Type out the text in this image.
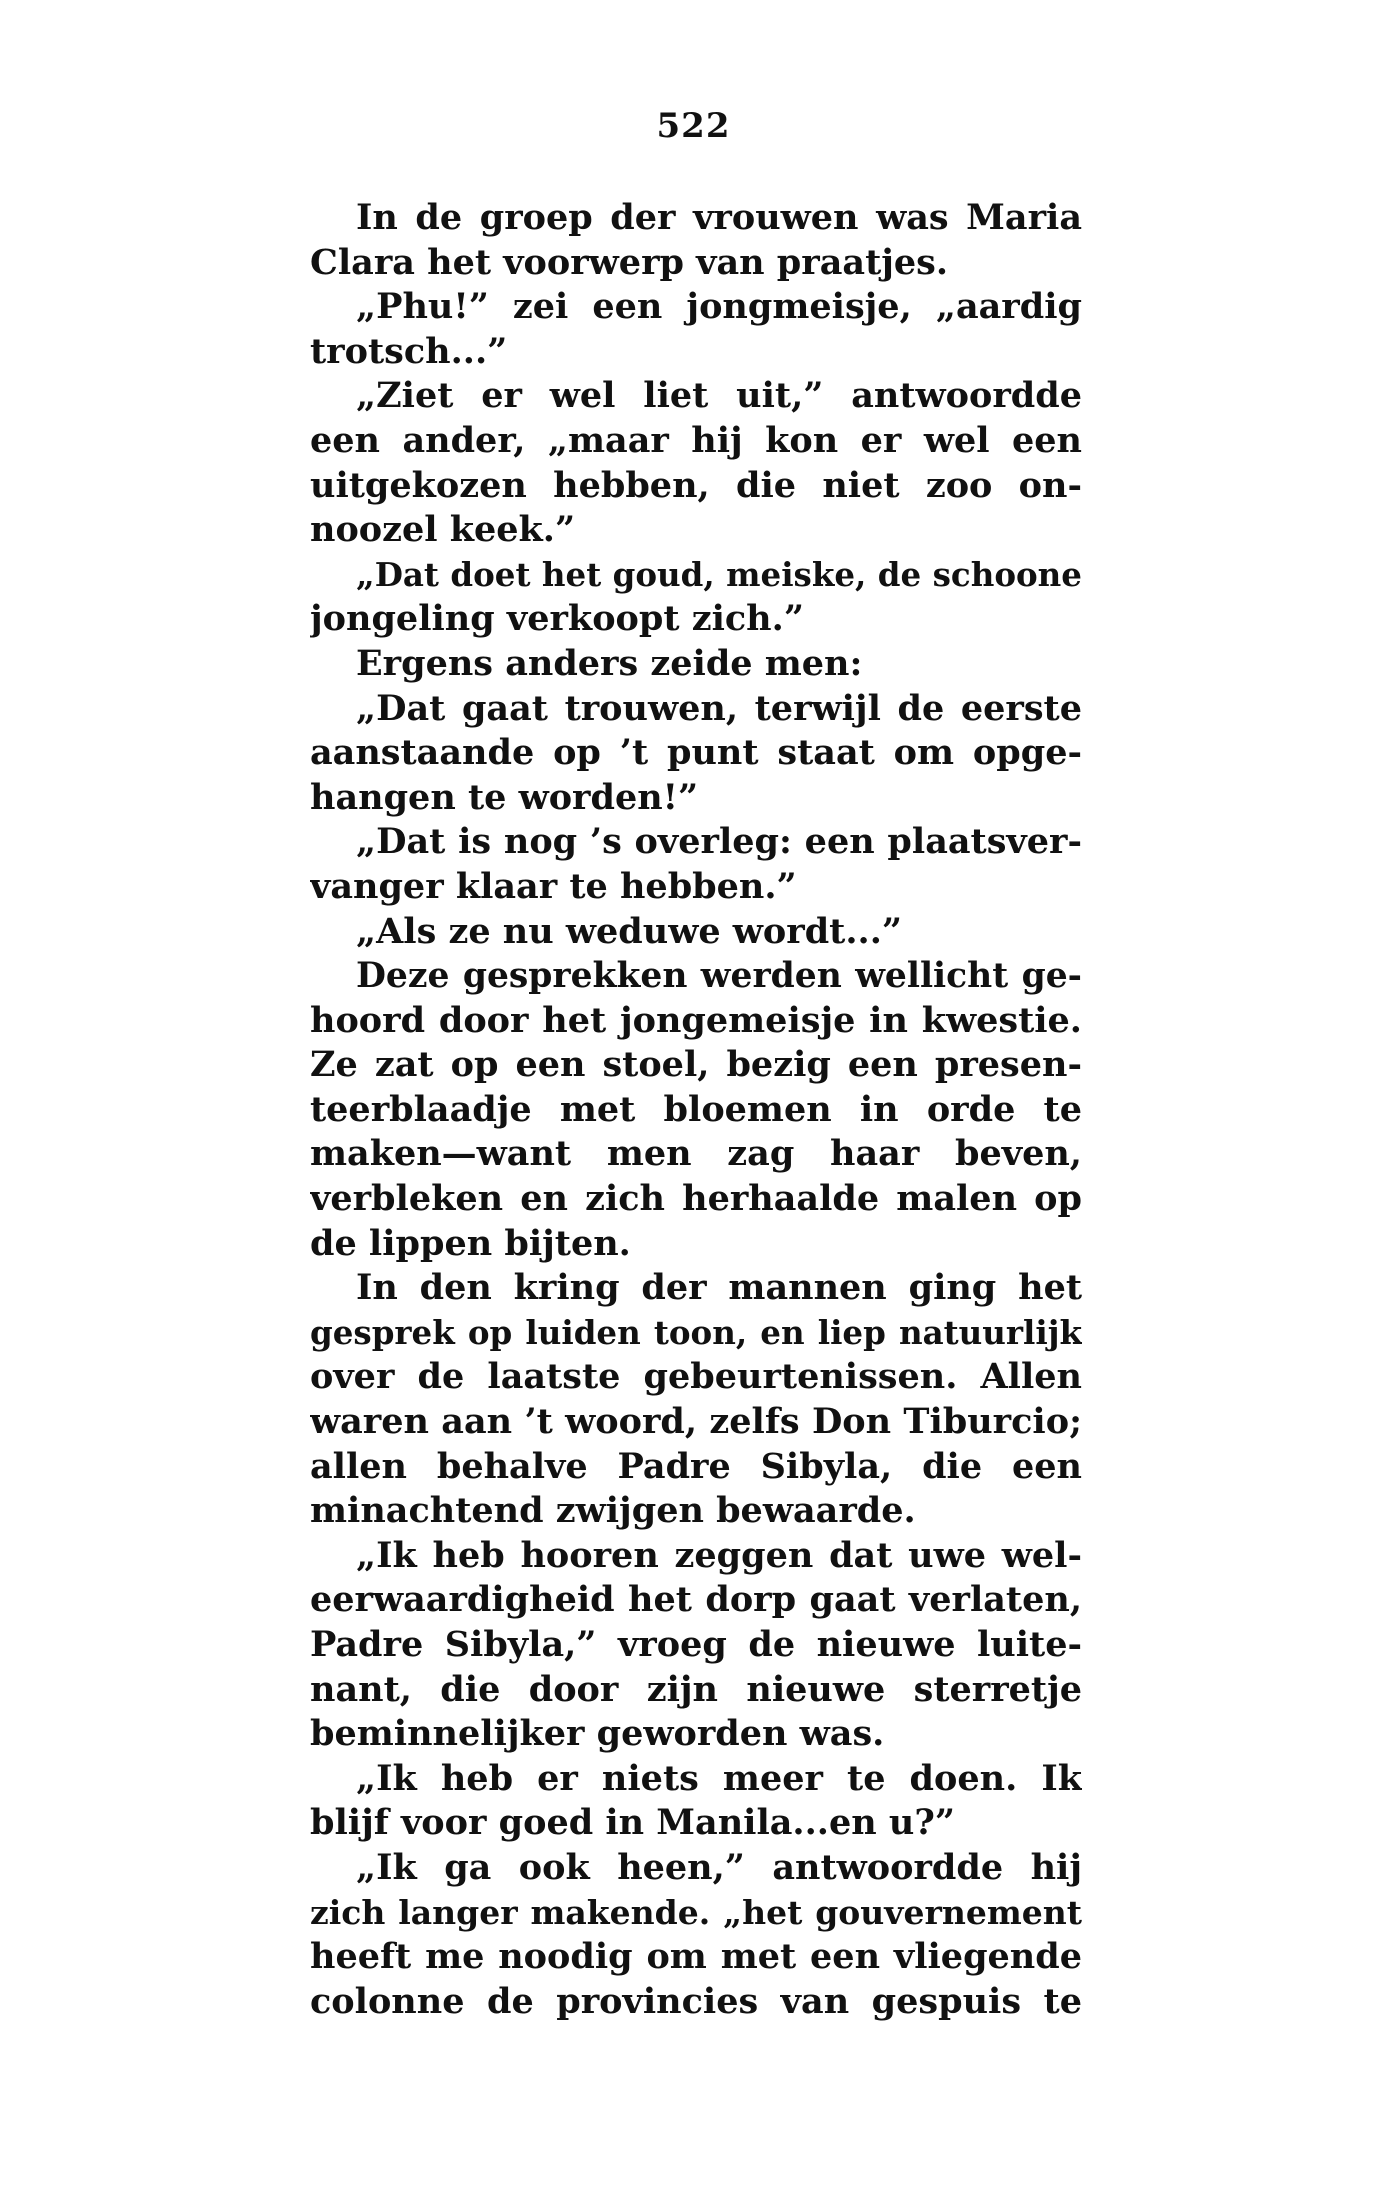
522
In de groep der vrouwen was Maria
Clara het voorwerp van praatjes.
„Phu!” zei een jongmeisje, „aardig
trotsch...”
„Ziet er wel liet uit,” antwoordde
een ander, „maar hij kon er wel een
uitgekozen hebben, die niet zoo on-
noozel keek.”
„Dat doet het goud, meiske, de schoone
jongeling verkoopt zich.”
Ergens anders zeide men:
„Dat gaat trouwen, terwijl de eerste
aanstaande op ’t punt staat om opge-
hangen te worden!”
„Dat is nog ’s overleg: een plaatsver-
vanger klaar te hebben.”
„Als ze nu weduwe wordt...”
Deze gesprekken werden wellicht ge-
hoord door het jongemeisje in kwestie.
Ze zat op een stoel, bezig een presen-
teerblaadje met bloemen in orde te
maken—want men zag haar beven,
verbleken en zich herhaalde malen op
de lippen bijten.
In den kring der mannen ging het
gesprek op luiden toon, en liep natuurlijk
over de laatste gebeurtenissen. Allen
waren aan ’t woord, zelfs Don Tiburcio;
allen behalve Padre Sibyla, die een
minachtend zwijgen bewaarde.
„Ik heb hooren zeggen dat uwe wel-
eerwaardigheid het dorp gaat verlaten,
Padre Sibyla,” vroeg de nieuwe luite-
nant, die door zijn nieuwe sterretje
beminnelijker geworden was.
„Ik heb er niets meer te doen. Ik
blijf voor goed in Manila...en u?”
„Ik ga ook heen,” antwoordde hij
zich langer makende. „het gouvernement
heeft me noodig om met een vliegende
colonne de provincies van gespuis te
